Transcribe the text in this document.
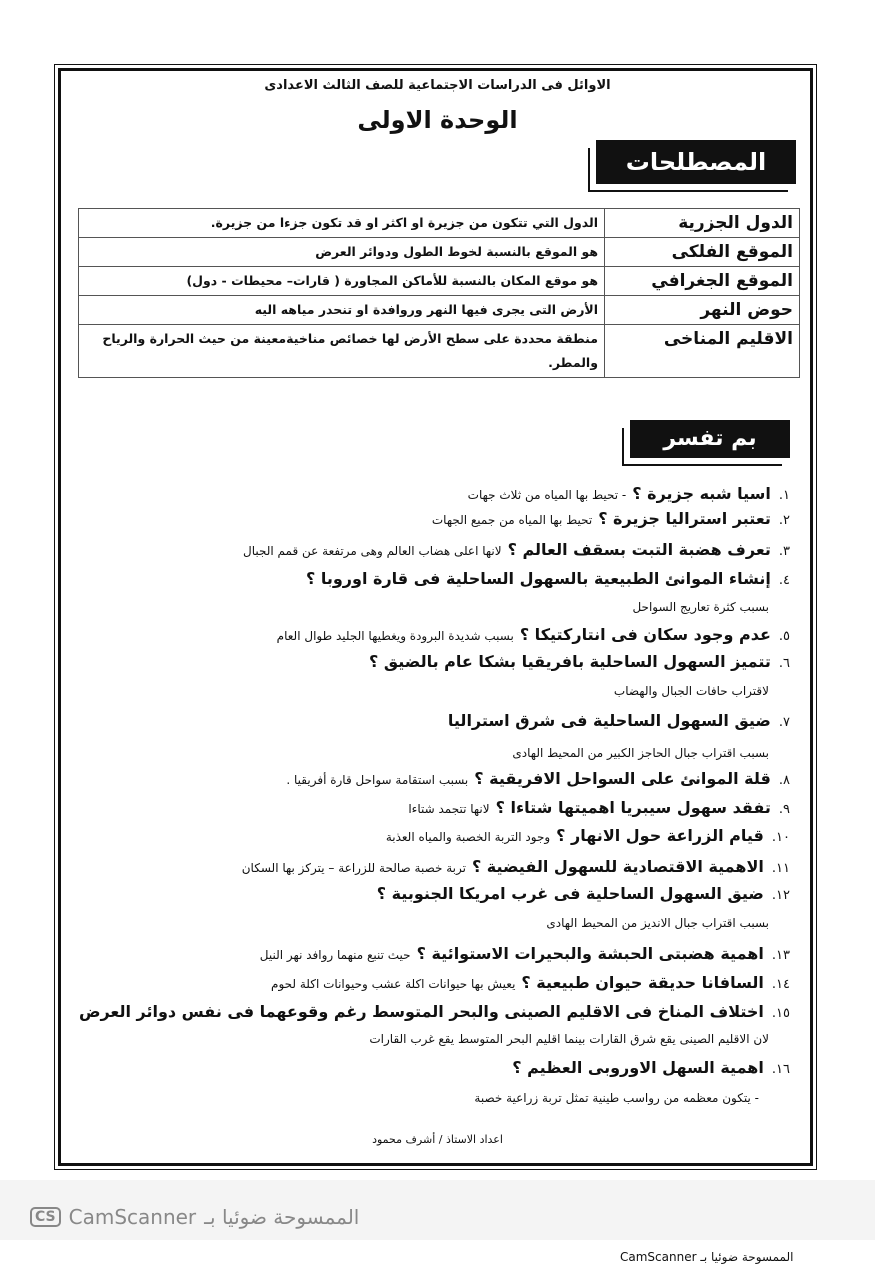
الاوائل فى الدراسات الاجتماعية للصف الثالث الاعدادى
الوحدة الاولى
المصطلحات
الدول الجزرية	الدول التي تتكون من جزيرة او اكثر او قد تكون جزءا من جزيرة.
الموقع الفلكى	هو الموقع بالنسبة لخوط الطول ودوائر العرض
الموقع الجغرافي	هو موقع المكان بالنسبة للأماكن المجاورة ( قارات– محيطات - دول)
حوض النهر	الأرض التى يجرى فيها النهر وروافدة او تنحدر مياهه اليه
الاقليم المناخى	منطقة محددة على سطح الأرض لها خصائص مناخيةمعينة من حيث الحرارة والرياح والمطر.
بم تفسر
١.اسيا شبه جزيرة ؟- تحيط بها المياه من ثلاث جهات
٢.تعتبر استراليا جزيرة ؟تحيط بها المياه من جميع الجهات
٣.تعرف هضبة التبت بسقف العالم ؟لانها اعلى هضاب العالم وهى مرتفعة عن قمم الجبال
٤.إنشاء الموانئ الطبيعية بالسهول الساحلية فى قارة اوروبا ؟
بسبب كثرة تعاريج السواحل
٥.عدم وجود سكان فى انتاركتيكا ؟بسبب شديدة البرودة ويغطيها الجليد طوال العام
٦.تتميز السهول الساحلية بافريقيا بشكا عام بالضيق ؟
لاقتراب حافات الجبال والهضاب
٧.ضيق السهول الساحلية فى شرق استراليا
بسبب اقتراب جبال الحاجز الكبير من المحيط الهادى
٨.قلة الموانئ على السواحل الافريقية ؟بسبب استقامة سواحل قارة أفريقيا .
٩.تفقد سهول سيبريا اهميتها شتاءا ؟لانها تتجمد شتاءا
١٠.قيام الزراعة حول الانهار ؟وجود التربة الخصبة والمياه العذبة
١١.الاهمية الاقتصادية للسهول الفيضية ؟تربة خصبة صالحة للزراعة – يتركز بها السكان
١٢.ضيق السهول الساحلية فى غرب امريكا الجنوبية ؟
بسبب اقتراب جبال الانديز من المحيط الهادى
١٣.اهمية هضبتى الحبشة والبحيرات الاستوائية ؟حيث تنبع منهما روافد نهر النيل
١٤.السافانا حديقة حيوان طبيعية ؟يعيش بها حيوانات اكلة عشب وحيوانات اكلة لحوم
١٥.اختلاف المناخ فى الاقليم الصينى والبحر المتوسط رغم وقوعهما فى نفس دوائر العرض
لان الاقليم الصينى يقع شرق القارات بينما اقليم البحر المتوسط يقع غرب القارات
١٦.اهمية السهل الاوروبى العظيم ؟
- يتكون معظمه من رواسب طينية تمثل تربة زراعية خصبة
اعداد الاستاذ / أشرف محمود
CS CamScanner الممسوحة ضوئيا بـ
الممسوحة ضوئيا بـ CamScanner
